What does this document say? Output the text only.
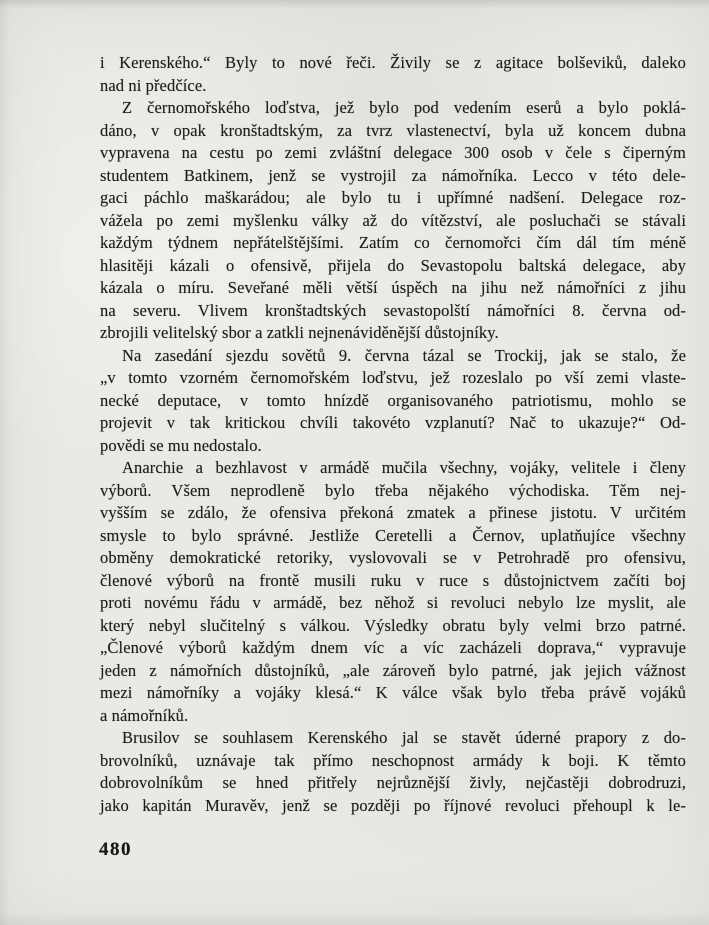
i Kerenského.“ Byly to nové řeči. Živily se z agitace bolševiků, daleko
nad ni předčíce.
Z černomořského loďstva, jež bylo pod vedením eserů a bylo poklá-
dáno, v opak kronštadtským, za tvrz vlastenectví, byla už koncem dubna
vypravena na cestu po zemi zvláštní delegace 300 osob v čele s čiperným
studentem Batkinem, jenž se vystrojil za námořníka. Lecco v této dele-
gaci páchlo maškarádou; ale bylo tu i upřímné nadšení. Delegace roz-
vážela po zemi myšlenku války až do vítězství, ale posluchači se stávali
každým týdnem nepřátelštějšími. Zatím co černomořci čím dál tím méně
hlasitěji kázali o ofensivě, přijela do Sevastopolu baltská delegace, aby
kázala o míru. Seveřané měli větší úspěch na jihu než námořníci z jihu
na severu. Vlivem kronštadtských sevastopolští námořníci 8. června od-
zbrojili velitelský sbor a zatkli nejnenáviděnější důstojníky.
Na zasedání sjezdu sovětů 9. června tázal se Trockij, jak se stalo, že
„v tomto vzorném černomořském loďstvu, jež rozeslalo po vší zemi vlaste-
necké deputace, v tomto hnízdě organisovaného patriotismu, mohlo se
projevit v tak kritickou chvíli takovéto vzplanutí? Nač to ukazuje?“ Od-
povědi se mu nedostalo.
Anarchie a bezhlavost v armádě mučila všechny, vojáky, velitele i členy
výborů. Všem neprodleně bylo třeba nějakého východiska. Těm nej-
vyšším se zdálo, že ofensiva překoná zmatek a přinese jistotu. V určitém
smysle to bylo správné. Jestliže Ceretelli a Černov, uplatňujíce všechny
obměny demokratické retoriky, vyslovovali se v Petrohradě pro ofensivu,
členové výborů na frontě musili ruku v ruce s důstojnictvem začíti boj
proti novému řádu v armádě, bez něhož si revoluci nebylo lze myslit, ale
který nebyl slučitelný s válkou. Výsledky obratu byly velmi brzo patrné.
„Členové výborů každým dnem víc a víc zacházeli doprava,“ vypravuje
jeden z námořních důstojníků, „ale zároveň bylo patrné, jak jejich vážnost
mezi námořníky a vojáky klesá.“ K válce však bylo třeba právě vojáků
a námořníků.
Brusilov se souhlasem Kerenského jal se stavět úderné prapory z do-
brovolníků, uznávaje tak přímo neschopnost armády k boji. K těmto
dobrovolníkům se hned přitřely nejrůznější živly, nejčastěji dobrodruzi,
jako kapitán Muravěv, jenž se později po říjnové revoluci přehoupl k le-
480
